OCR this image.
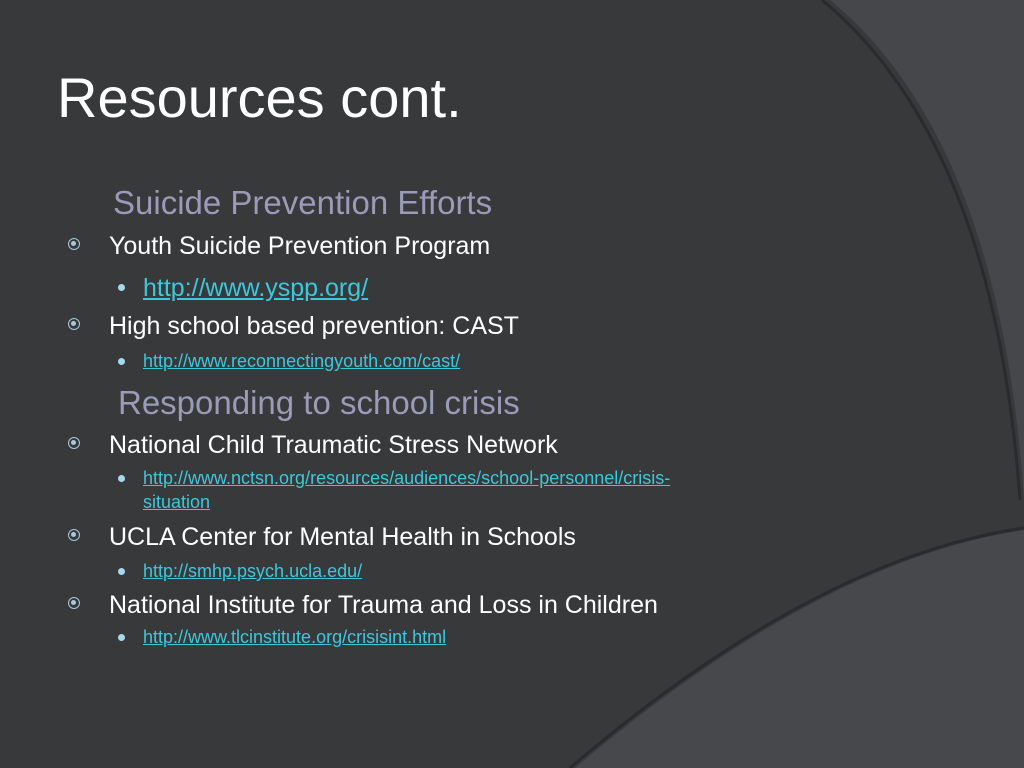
Resources cont.
Suicide Prevention Efforts
Youth Suicide Prevention Program
http://www.yspp.org/
High school based prevention: CAST
http://www.reconnectingyouth.com/cast/
Responding to school crisis
National Child Traumatic Stress Network
http://www.nctsn.org/resources/audiences/school-personnel/crisis-
situation
UCLA Center for Mental Health in Schools
http://smhp.psych.ucla.edu/
National Institute for Trauma and Loss in Children
http://www.tlcinstitute.org/crisisint.html
